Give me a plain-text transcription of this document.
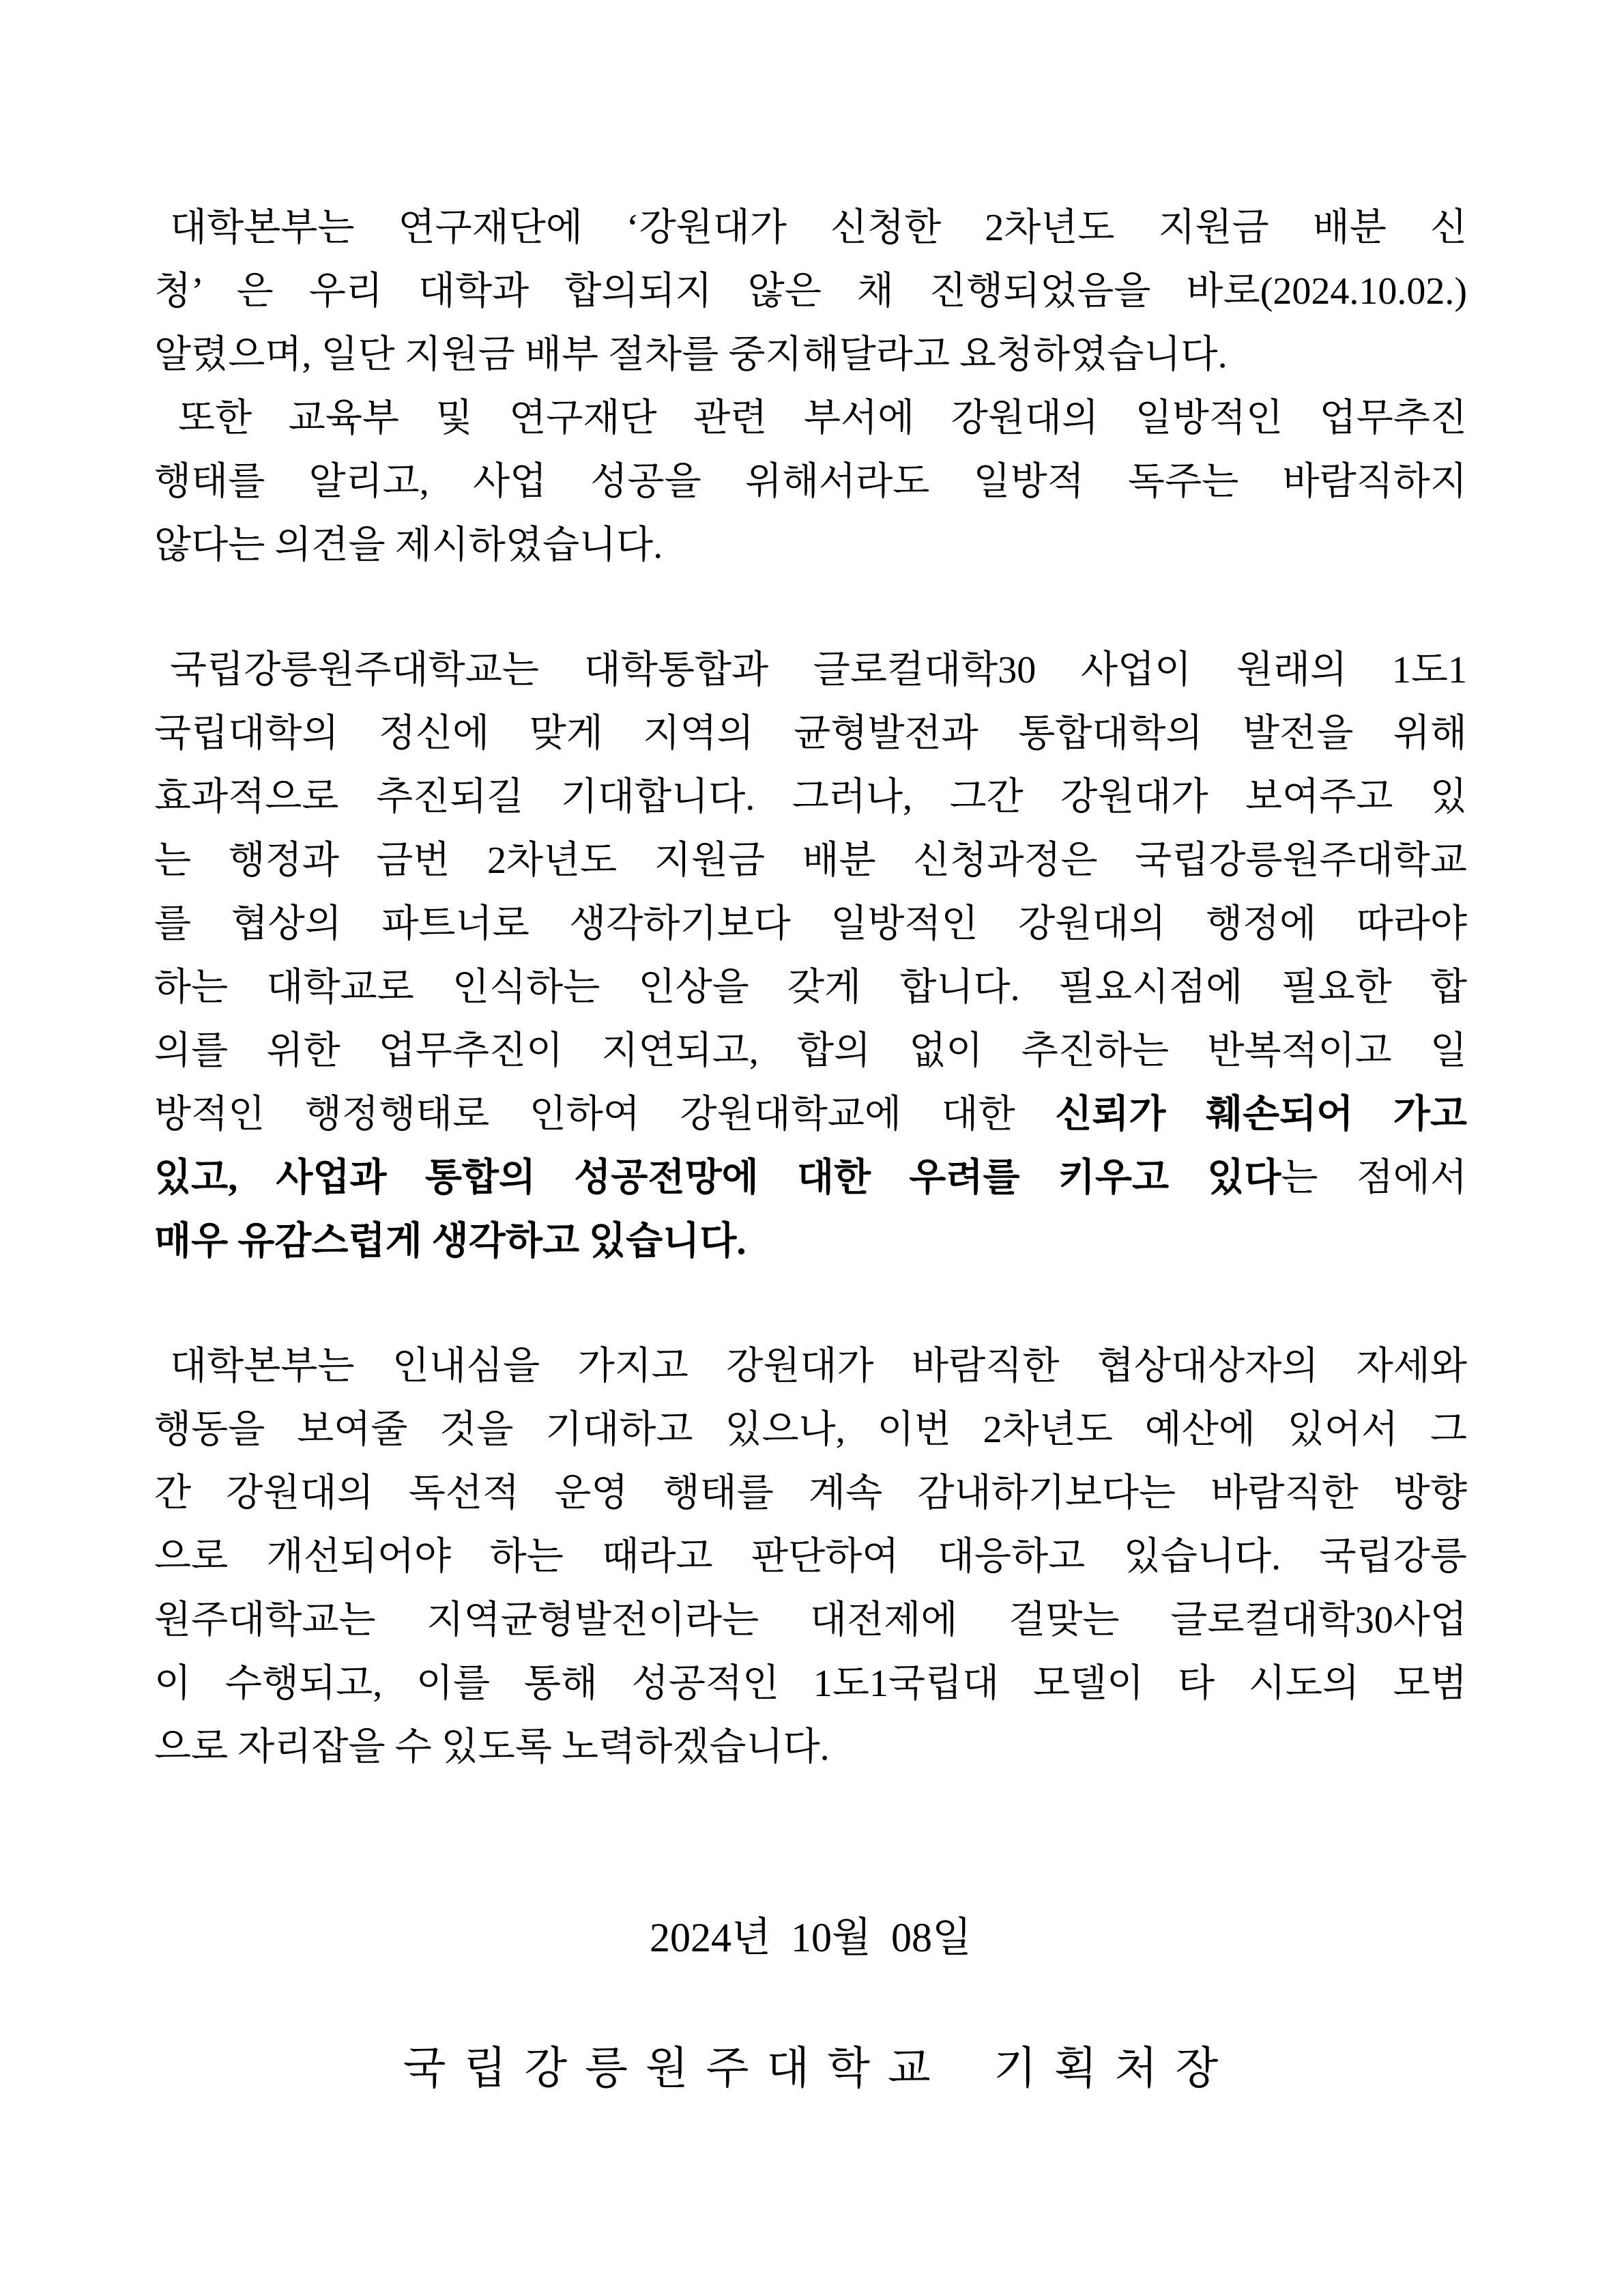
대학본부는 연구재단에 ‘강원대가 신청한 2차년도 지원금 배분 신
청’ 은 우리 대학과 합의되지 않은 채 진행되었음을 바로(2024.10.02.)
알렸으며, 일단 지원금 배부 절차를 중지해달라고 요청하였습니다.
또한 교육부 및 연구재단 관련 부서에 강원대의 일방적인 업무추진
행태를 알리고, 사업 성공을 위해서라도 일방적 독주는 바람직하지
않다는 의견을 제시하였습니다.
국립강릉원주대학교는 대학통합과 글로컬대학30 사업이 원래의 1도1
국립대학의 정신에 맞게 지역의 균형발전과 통합대학의 발전을 위해
효과적으로 추진되길 기대합니다. 그러나, 그간 강원대가 보여주고 있
는 행정과 금번 2차년도 지원금 배분 신청과정은 국립강릉원주대학교
를 협상의 파트너로 생각하기보다 일방적인 강원대의 행정에 따라야
하는 대학교로 인식하는 인상을 갖게 합니다. 필요시점에 필요한 합
의를 위한 업무추진이 지연되고, 합의 없이 추진하는 반복적이고 일
방적인 행정행태로 인하여 강원대학교에 대한 신뢰가 훼손되어 가고
있고, 사업과 통합의 성공전망에 대한 우려를 키우고 있다는 점에서
매우 유감스럽게 생각하고 있습니다.
대학본부는 인내심을 가지고 강원대가 바람직한 협상대상자의 자세와
행동을 보여줄 것을 기대하고 있으나, 이번 2차년도 예산에 있어서 그
간 강원대의 독선적 운영 행태를 계속 감내하기보다는 바람직한 방향
으로 개선되어야 하는 때라고 판단하여 대응하고 있습니다. 국립강릉
원주대학교는 지역균형발전이라는 대전제에 걸맞는 글로컬대학30사업
이 수행되고, 이를 통해 성공적인 1도1국립대 모델이 타 시도의 모범
으로 자리잡을 수 있도록 노력하겠습니다.
2024년 10월 08일
국립강릉원주대학교 기획처장
